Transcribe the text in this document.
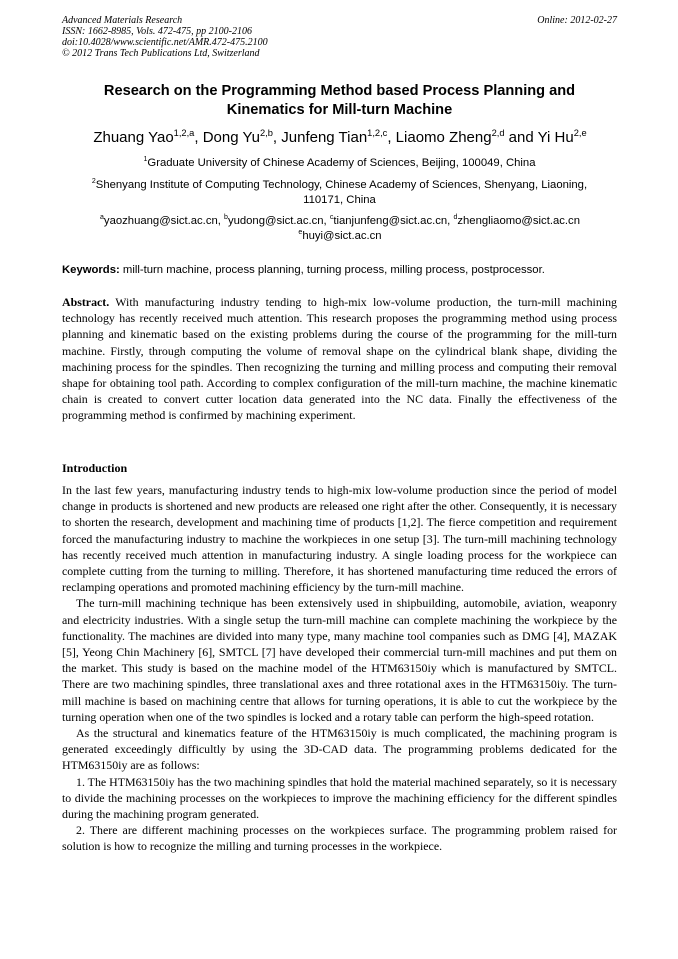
Advanced Materials Research
ISSN: 1662-8985, Vols. 472-475, pp 2100-2106
doi:10.4028/www.scientific.net/AMR.472-475.2100
© 2012 Trans Tech Publications Ltd, Switzerland
Online: 2012-02-27
Research on the Programming Method based Process Planning and
Kinematics for Mill-turn Machine
Zhuang Yao$^{1,2,a}$, Dong Yu$^{2,b}$, Junfeng Tian$^{1,2,c}$, Liaomo Zheng$^{2,d}$ and Yi Hu$^{2,e}$
$^1$Graduate University of Chinese Academy of Sciences, Beijing, 100049, China
$^2$Shenyang Institute of Computing Technology, Chinese Academy of Sciences, Shenyang, Liaoning,
110171, China
$^a$yaozhuang@sict.ac.cn, $^b$yudong@sict.ac.cn, $^c$tianjunfeng@sict.ac.cn, $^d$zhengliaomo@sict.ac.cn
$^e$huyi@sict.ac.cn
Keywords: mill-turn machine, process planning, turning process, milling process, postprocessor.
Abstract. With manufacturing industry tending to high-mix low-volume production, the turn-mill machining technology has recently received much attention. This research proposes the programming method using process planning and kinematic based on the existing problems during the course of the programming for the mill-turn machine. Firstly, through computing the volume of removal shape on the cylindrical blank shape, dividing the machining process for the spindles. Then recognizing the turning and milling process and computing their removal shape for obtaining tool path. According to complex configuration of the mill-turn machine, the machine kinematic chain is created to convert cutter location data generated into the NC data. Finally the effectiveness of the programming method is confirmed by machining experiment.
Introduction

In the last few years, manufacturing industry tends to high-mix low-volume production since the period of model change in products is shortened and new products are released one right after the other. Consequently, it is necessary to shorten the research, development and machining time of products [1,2]. The fierce competition and requirement forced the manufacturing industry to machine the workpieces in one setup [3]. The turn-mill machining technology has recently received much attention in manufacturing industry. A single loading process for the workpiece can complete cutting from the turning to milling. Therefore, it has shortened manufacturing time reduced the errors of reclamping operations and promoted machining efficiency by the turn-mill machine.

The turn-mill machining technique has been extensively used in shipbuilding, automobile, aviation, weaponry and electricity industries. With a single setup the turn-mill machine can complete machining the workpiece by the functionality. The machines are divided into many type, many machine tool companies such as DMG [4], MAZAK [5], Yeong Chin Machinery [6], SMTCL [7] have developed their commercial turn-mill machines and put them on the market. This study is based on the machine model of the HTM63150iy which is manufactured by SMTCL. There are two machining spindles, three translational axes and three rotational axes in the HTM63150iy. The turn-mill machine is based on machining centre that allows for turning operations, it is able to cut the workpiece by the turning operation when one of the two spindles is locked and a rotary table can perform the high-speed rotation.

As the structural and kinematics feature of the HTM63150iy is much complicated, the machining program is generated exceedingly difficultly by using the 3D-CAD data. The programming problems dedicated for the HTM63150iy are as follows:

1. The HTM63150iy has the two machining spindles that hold the material machined separately, so it is necessary to divide the machining processes on the workpieces to improve the machining efficiency for the different spindles during the machining program generated.

2. There are different machining processes on the workpieces surface. The programming problem raised for solution is how to recognize the milling and turning processes in the workpiece.
